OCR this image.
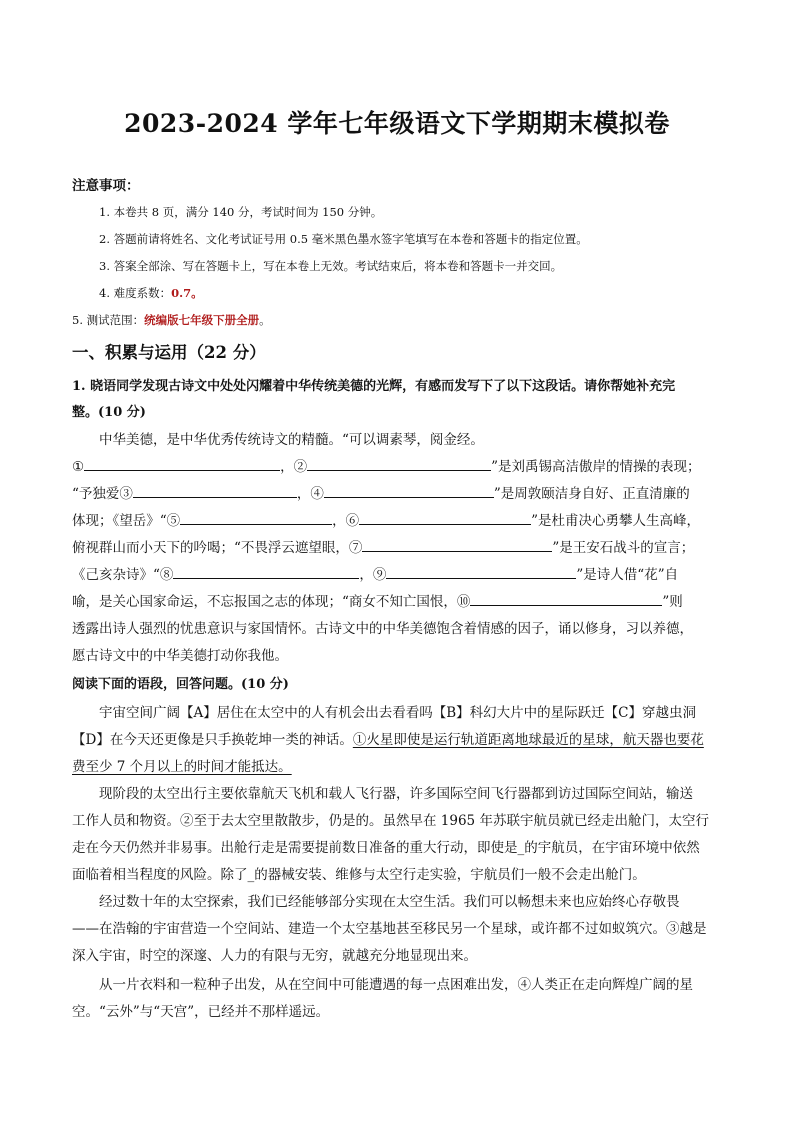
2023-2024 学年七年级语文下学期期末模拟卷
注意事项：
1. 本卷共 8 页，满分 140 分，考试时间为 150 分钟。
2. 答题前请将姓名、文化考试证号用 0.5 毫米黑色墨水签字笔填写在本卷和答题卡的指定位置。
3. 答案全部涂、写在答题卡上，写在本卷上无效。考试结束后，将本卷和答题卡一并交回。
4. 难度系数：0.7。
5. 测试范围：统编版七年级下册全册。
一、积累与运用（22 分）
1. 晓语同学发现古诗文中处处闪耀着中华传统美德的光辉，有感而发写下了以下这段话。请你帮她补充完
整。(10 分)
中华美德，是中华优秀传统诗文的精髓。“可以调素琴，阅金经。
①	，②	”是刘禹锡高洁傲岸的情操的表现；
“予独爱③	，④	”是周敦颐洁身自好、正直清廉的
体现；《望岳》“⑤	，⑥	”是杜甫决心勇攀人生高峰，
俯视群山而小天下的吟喝；“不畏浮云遮望眼，⑦	”是王安石战斗的宣言；
《己亥杂诗》“⑧	，⑨	”是诗人借“花”自
喻，是关心国家命运，不忘报国之志的体现；“商女不知亡国恨，⑩	”则
透露出诗人强烈的忧患意识与家国情怀。古诗文中的中华美德饱含着情感的因子，诵以修身，习以养德，
愿古诗文中的中华美德打动你我他。
阅读下面的语段，回答问题。(10 分)
宇宙空间广阔【A】居住在太空中的人有机会出去看看吗【B】科幻大片中的星际跃迁【C】穿越虫洞
【D】在今天还更像是只手换乾坤一类的神话。①火星即使是运行轨道距离地球最近的星球，航天器也要花
费至少 7 个月以上的时间才能抵达。
现阶段的太空出行主要依靠航天飞机和载人飞行器，许多国际空间飞行器都到访过国际空间站，输送
工作人员和物资。②至于去太空里散散步，仍是的。虽然早在 1965 年苏联宇航员就已经走出舱门，太空行
走在今天仍然并非易事。出舱行走是需要提前数日准备的重大行动，即使是_的宇航员，在宇宙环境中依然
面临着相当程度的风险。除了_的器械安装、维修与太空行走实验，宇航员们一般不会走出舱门。
经过数十年的太空探索，我们已经能够部分实现在太空生活。我们可以畅想未来也应始终心存敬畏
——在浩翰的宇宙营造一个空间站、建造一个太空基地甚至移民另一个星球，或许都不过如蚁筑穴。③越是
深入宇宙，时空的深邃、人力的有限与无穷，就越充分地显现出来。
从一片衣料和一粒种子出发，从在空间中可能遭遇的每一点困难出发，④人类正在走向辉煌广阔的星
空。“云外”与“天宫”，已经并不那样遥远。
